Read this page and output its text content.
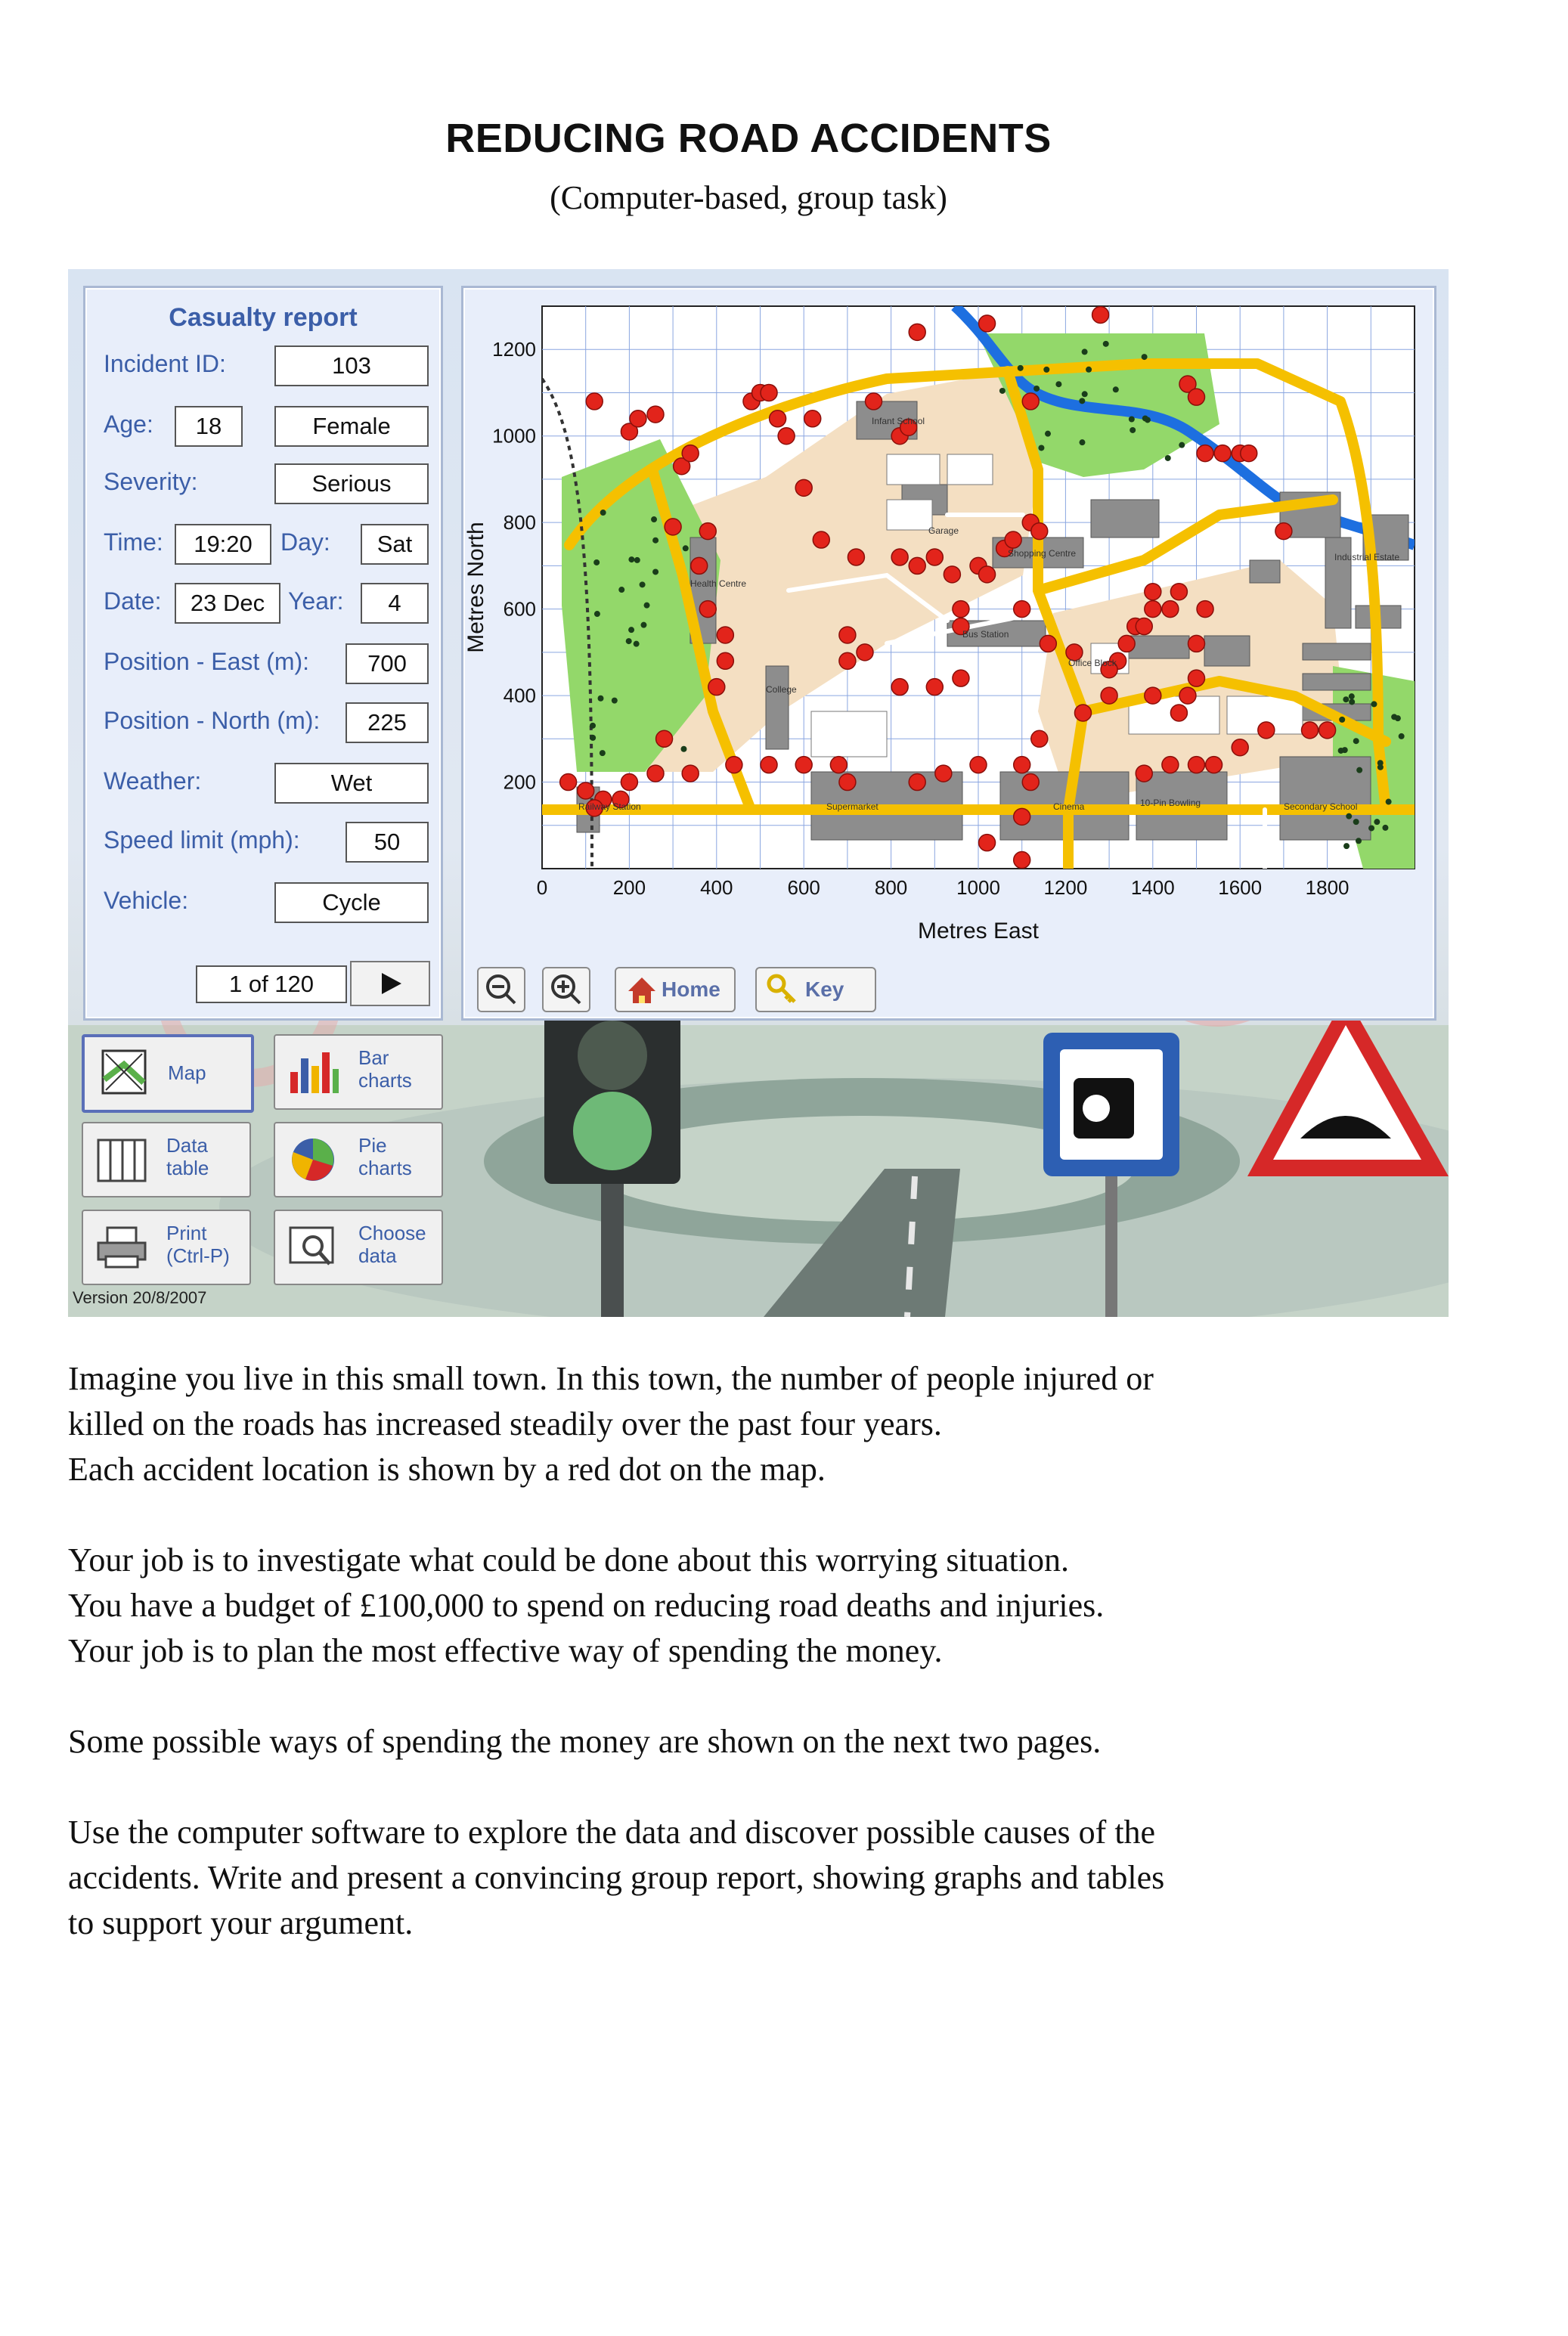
REDUCING ROAD ACCIDENTS
(Computer-based, group task)
Casualty report
Incident ID:	103
Age:	18	Female
Severity:	Serious
Time:	19:20	Day:	Sat
Date:	23 Dec Year:	4
Position - East (m):	700
Position - North (m):	225
Weather:	Wet
Speed limit (mph):	50
Vehicle:	Cycle
1 of 120
Infant School
Garage
Shopping Centre
Bus Station
Office Block
Supermarket	Cinema	10-Pin Bowling	Secondary School
Industrial Estate
Railway Station
Health Centre
College
0	200	400	600	800 1000 1200 1400 1600 1800
1200
1000
800
600
400
200
Metres East
Metres North
Home	Key
Map
Bar charts
Data table
Pie charts
Print (Ctrl-P)
Choose data
Version 20/8/2007
Imagine you live in this small town. In this town, the number of people injured or
killed on the roads has increased steadily over the past four years.
Each accident location is shown by a red dot on the map.
Your job is to investigate what could be done about this worrying situation.
You have a budget of £100,000 to spend on reducing road deaths and injuries.
Your job is to plan the most effective way of spending the money.
Some possible ways of spending the money are shown on the next two pages.
Use the computer software to explore the data and discover possible causes of the
accidents. Write and present a convincing group report, showing graphs and tables
to support your argument.
